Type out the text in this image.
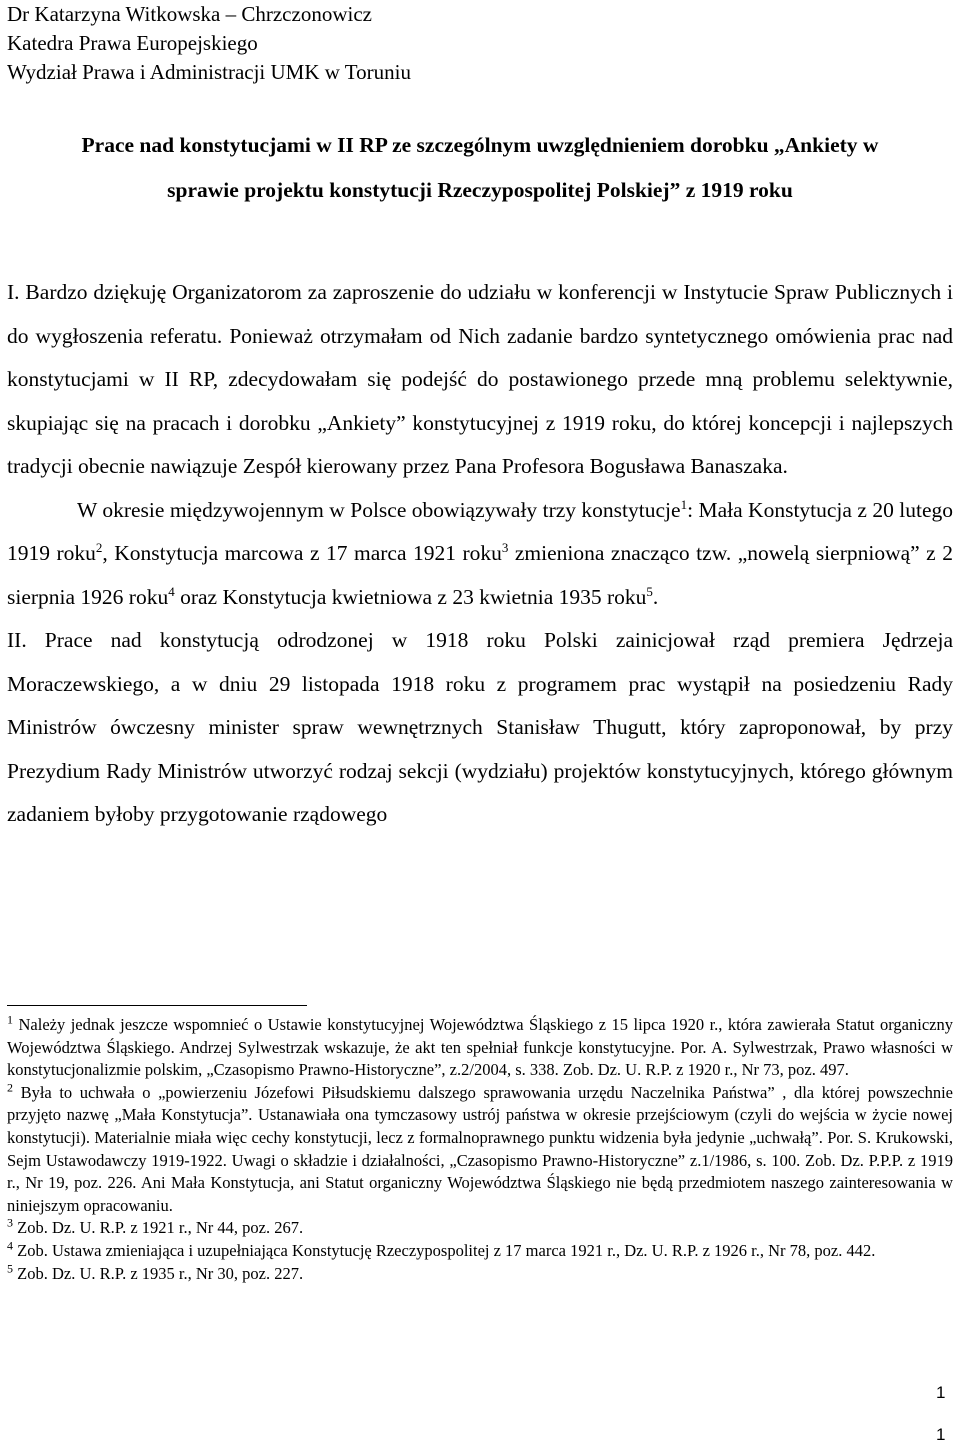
Dr Katarzyna Witkowska – Chrzczonowicz
Katedra Prawa Europejskiego
Wydział Prawa i Administracji UMK w Toruniu
Prace nad konstytucjami w II RP ze szczególnym uwzględnieniem dorobku „Ankiety w
sprawie projektu konstytucji Rzeczypospolitej Polskiej” z 1919 roku

I. Bardzo dziękuję Organizatorom za zaproszenie do udziału w konferencji w Instytucie Spraw Publicznych i do wygłoszenia referatu. Ponieważ otrzymałam od Nich zadanie bardzo syntetycznego omówienia prac nad konstytucjami w II RP, zdecydowałam się podejść do postawionego przede mną problemu selektywnie, skupiając się na pracach i dorobku „Ankiety” konstytucyjnej z 1919 roku, do której koncepcji i najlepszych tradycji obecnie nawiązuje Zespół kierowany przez Pana Profesora Bogusława Banaszaka.

W okresie międzywojennym w Polsce obowiązywały trzy konstytucje$^1$: Mała Konstytucja z 20 lutego 1919 roku$^2$, Konstytucja marcowa z 17 marca 1921 roku$^3$ zmieniona znacząco tzw. „nowelą sierpniową” z 2 sierpnia 1926 roku$^4$ oraz Konstytucja kwietniowa z 23 kwietnia 1935 roku$^5$.

II. Prace nad konstytucją odrodzonej w 1918 roku Polski zainicjował rząd premiera Jędrzeja Moraczewskiego, a w dniu 29 listopada 1918 roku z programem prac wystąpił na posiedzeniu Rady Ministrów ówczesny minister spraw wewnętrznych Stanisław Thugutt, który zaproponował, by przy Prezydium Rady Ministrów utworzyć rodzaj sekcji (wydziału) projektów konstytucyjnych, którego głównym zadaniem byłoby przygotowanie rządowego

$^1$ Należy jednak jeszcze wspomnieć o Ustawie konstytucyjnej Województwa Śląskiego z 15 lipca 1920 r., która zawierała Statut organiczny Województwa Śląskiego. Andrzej Sylwestrzak wskazuje, że akt ten spełniał funkcje konstytucyjne. Por. A. Sylwestrzak, Prawo własności w konstytucjonalizmie polskim, „Czasopismo Prawno-Historyczne”, z.2/2004, s. 338. Zob. Dz. U. R.P. z 1920 r., Nr 73, poz. 497.

$^2$ Była to uchwała o „powierzeniu Józefowi Piłsudskiemu dalszego sprawowania urzędu Naczelnika Państwa” , dla której powszechnie przyjęto nazwę „Mała Konstytucja”. Ustanawiała ona tymczasowy ustrój państwa w okresie przejściowym (czyli do wejścia w życie nowej konstytucji). Materialnie miała więc cechy konstytucji, lecz z formalnoprawnego punktu widzenia była jedynie „uchwałą”. Por. S. Krukowski, Sejm Ustawodawczy 1919-1922. Uwagi o składzie i działalności, „Czasopismo Prawno-Historyczne” z.1/1986, s. 100. Zob. Dz. P.P.P. z 1919 r., Nr 19, poz. 226. Ani Mała Konstytucja, ani Statut organiczny Województwa Śląskiego nie będą przedmiotem naszego zainteresowania w niniejszym opracowaniu.

$^3$ Zob. Dz. U. R.P. z 1921 r., Nr 44, poz. 267.

$^4$ Zob. Ustawa zmieniająca i uzupełniająca Konstytucję Rzeczypospolitej z 17 marca 1921 r., Dz. U. R.P. z 1926 r., Nr 78, poz. 442.

$^5$ Zob. Dz. U. R.P. z 1935 r., Nr 30, poz. 227.

1
1
